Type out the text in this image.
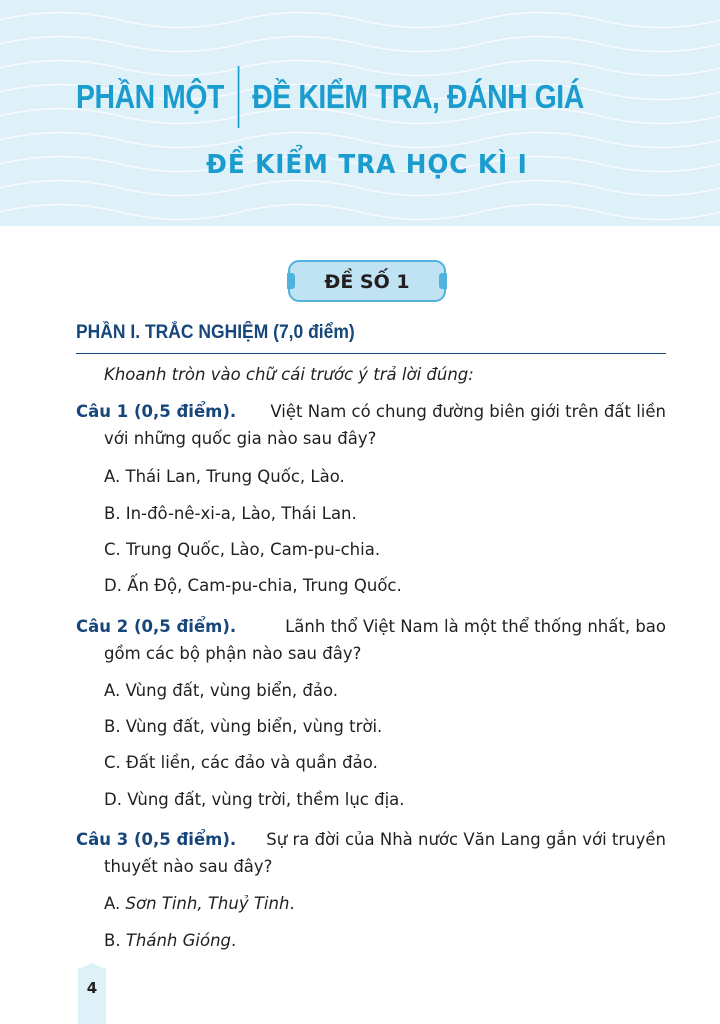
PHẦN MỘT ĐỀ KIỂM TRA, ĐÁNH GIÁ
ĐỀ KIỂM TRA HỌC KÌ I
ĐỀ SỐ 1
PHẦN I. TRẮC NGHIỆM (7,0 điểm)
Khoanh tròn vào chữ cái trước ý trả lời đúng:
Câu 1 (0,5 điểm). Việt Nam có chung đường biên giới trên đất liền
với những quốc gia nào sau đây?
A. Thái Lan, Trung Quốc, Lào.
B. In-đô-nê-xi-a, Lào, Thái Lan.
C. Trung Quốc, Lào, Cam-pu-chia.
D. Ấn Độ, Cam-pu-chia, Trung Quốc.
Câu 2 (0,5 điểm).	Lãnh thổ Việt Nam là một thể thống nhất, bao
gồm các bộ phận nào sau đây?
A. Vùng đất, vùng biển, đảo.
B. Vùng đất, vùng biển, vùng trời.
C. Đất liền, các đảo và quần đảo.
D. Vùng đất, vùng trời, thềm lục địa.
Câu 3 (0,5 điểm). Sự ra đời của Nhà nước Văn Lang gắn với truyền
thuyết nào sau đây?
A. Sơn Tinh, Thuỷ Tinh.
B. Thánh Gióng.
4
